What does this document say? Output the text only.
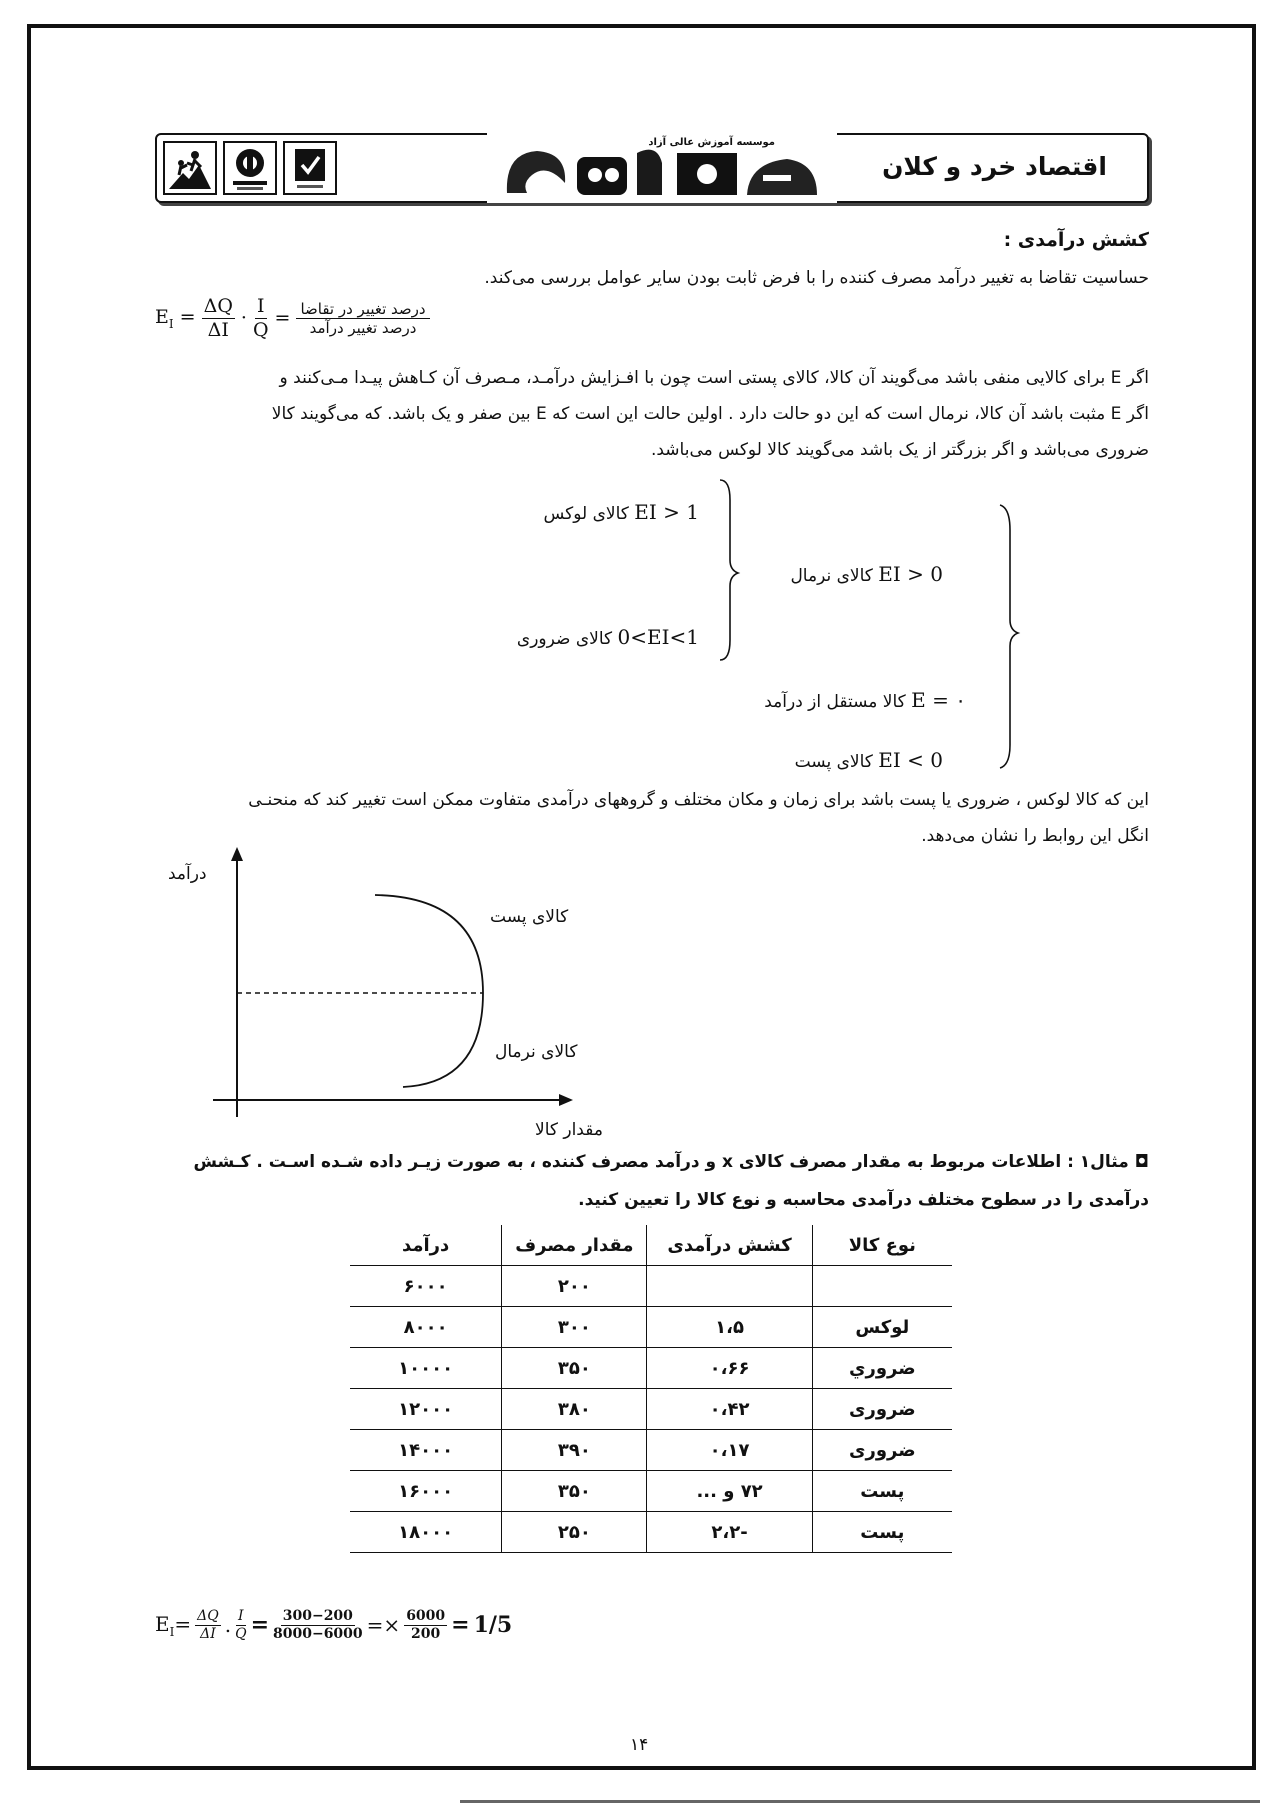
موسسه آموزش عالی آزاد
اقتصاد خرد و کلان
کشش درآمدی :
حساسیت تقاضا به تغییر درآمد مصرف کننده را با فرض ثابت بودن سایر عوامل بررسی می‌کند.
$E_I = \frac{\Delta Q}{\Delta I} \cdot \frac{I}{Q} = \frac{\text{درصد تغییر در تقاضا}}{\text{درصد تغییر درآمد}}$
اگر E برای کالایی منفی باشد می‌گویند آن کالا، کالای پستی است چون با افـزایش درآمـد، مـصرف آن کـاهش پیـدا مـی‌کنند و
اگر E مثبت باشد آن کالا، نرمال است که این دو حالت دارد . اولین حالت این است که E بین صفر و یک باشد. که می‌گویند کالا
ضروری می‌باشد و اگر بزرگتر از یک باشد می‌گویند کالا لوکس می‌باشد.
EI > 1 کالای لوکس
0<EI<1 کالای ضروری
EI > 0 کالای نرمال
E = ۰ کالا مستقل از درآمد
EI < 0 کالای پست
این که کالا لوکس ، ضروری یا پست باشد برای زمان و مکان مختلف و گروههای درآمدی متفاوت ممکن است تغییر کند که منحنـی
انگل این روابط را نشان می‌دهد.
درآمد
مقدار کالا
کالای پست
کالای نرمال
◘ مثال۱ : اطلاعات مربوط به مقدار مصرف کالای x و درآمد مصرف کننده ، به صورت زیـر داده شـده اسـت . کـشش
درآمدی را در سطوح مختلف درآمدی محاسبه و نوع کالا را تعیین کنید.
نوع کالا	کشش درآمدی	مقدار مصرف	درآمد
		۲۰۰	۶۰۰۰
لوکس	۱،۵	۳۰۰	۸۰۰۰
ضروري	۰،۶۶	۳۵۰	۱۰۰۰۰
ضروری	۰،۴۲	۳۸۰	۱۲۰۰۰
ضروری	۰،۱۷	۳۹۰	۱۴۰۰۰
پست	۷۲ و ...	۳۵۰	۱۶۰۰۰
پست	-۲،۲	۲۵۰	۱۸۰۰۰
$E_I= \frac{\Delta Q}{\Delta I}$ . $\frac{I}{Q} = \frac{300-200}{8000-6000} =\times \frac{6000}{200} = 1/5$
۱۴
